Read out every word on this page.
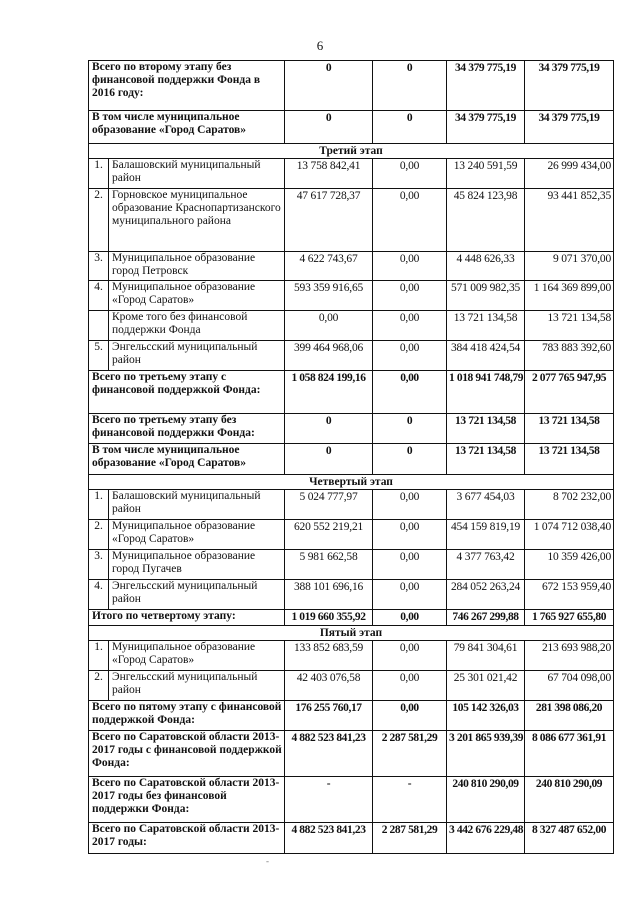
6
Всего по второму этапу без финансовой поддержки Фонда в 2016 году:		0	0	34 379 775,19	34 379 775,19
В том числе муниципальное образование «Город Саратов»		0	0	34 379 775,19	34 379 775,19
Третий этап					
1.	Балашовский муниципальный район	13 758 842,41	0,00	13 240 591,59	26 999 434,00
2.	Горновское муниципальное образование Краснопартизанского муниципального района	47 617 728,37	0,00	45 824 123,98	93 441 852,35
3.	Муниципальное образование город Петровск	4 622 743,67	0,00	4 448 626,33	9 071 370,00
4.	Муниципальное образование «Город Саратов»	593 359 916,65	0,00	571 009 982,35	1 164 369 899,00
	Кроме того без финансовой поддержки Фонда	0,00	0,00	13 721 134,58	13 721 134,58
5.	Энгельсский муниципальный район	399 464 968,06	0,00	384 418 424,54	783 883 392,60
Всего по третьему этапу с финансовой поддержкой Фонда:		1 058 824 199,16	0,00	1 018 941 748,79	2 077 765 947,95
Всего по третьему этапу без финансовой поддержки Фонда:		0	0	13 721 134,58	13 721 134,58
В том числе муниципальное образование «Город Саратов»		0	0	13 721 134,58	13 721 134,58
Четвертый этап					
1.	Балашовский муниципальный район	5 024 777,97	0,00	3 677 454,03	8 702 232,00
2.	Муниципальное образование «Город Саратов»	620 552 219,21	0,00	454 159 819,19	1 074 712 038,40
3.	Муниципальное образование город Пугачев	5 981 662,58	0,00	4 377 763,42	10 359 426,00
4.	Энгельсский муниципальный район	388 101 696,16	0,00	284 052 263,24	672 153 959,40
Итого по четвертому этапу:		1 019 660 355,92	0,00	746 267 299,88	1 765 927 655,80
Пятый этап					
1.	Муниципальное образование «Город Саратов»	133 852 683,59	0,00	79 841 304,61	213 693 988,20
2.	Энгельсский муниципальный район	42 403 076,58	0,00	25 301 021,42	67 704 098,00
Всего по пятому этапу с финансовой поддержкой Фонда:		176 255 760,17	0,00	105 142 326,03	281 398 086,20
Всего по Саратовской области 2013-2017 годы с финансовой поддержкой Фонда:		4 882 523 841,23	2 287 581,29	3 201 865 939,39	8 086 677 361,91
Всего по Саратовской области 2013-2017 годы без финансовой поддержки Фонда:		-	-	240 810 290,09	240 810 290,09
Всего по Саратовской области 2013-2017 годы:		4 882 523 841,23	2 287 581,29	3 442 676 229,48	8 327 487 652,00
-
